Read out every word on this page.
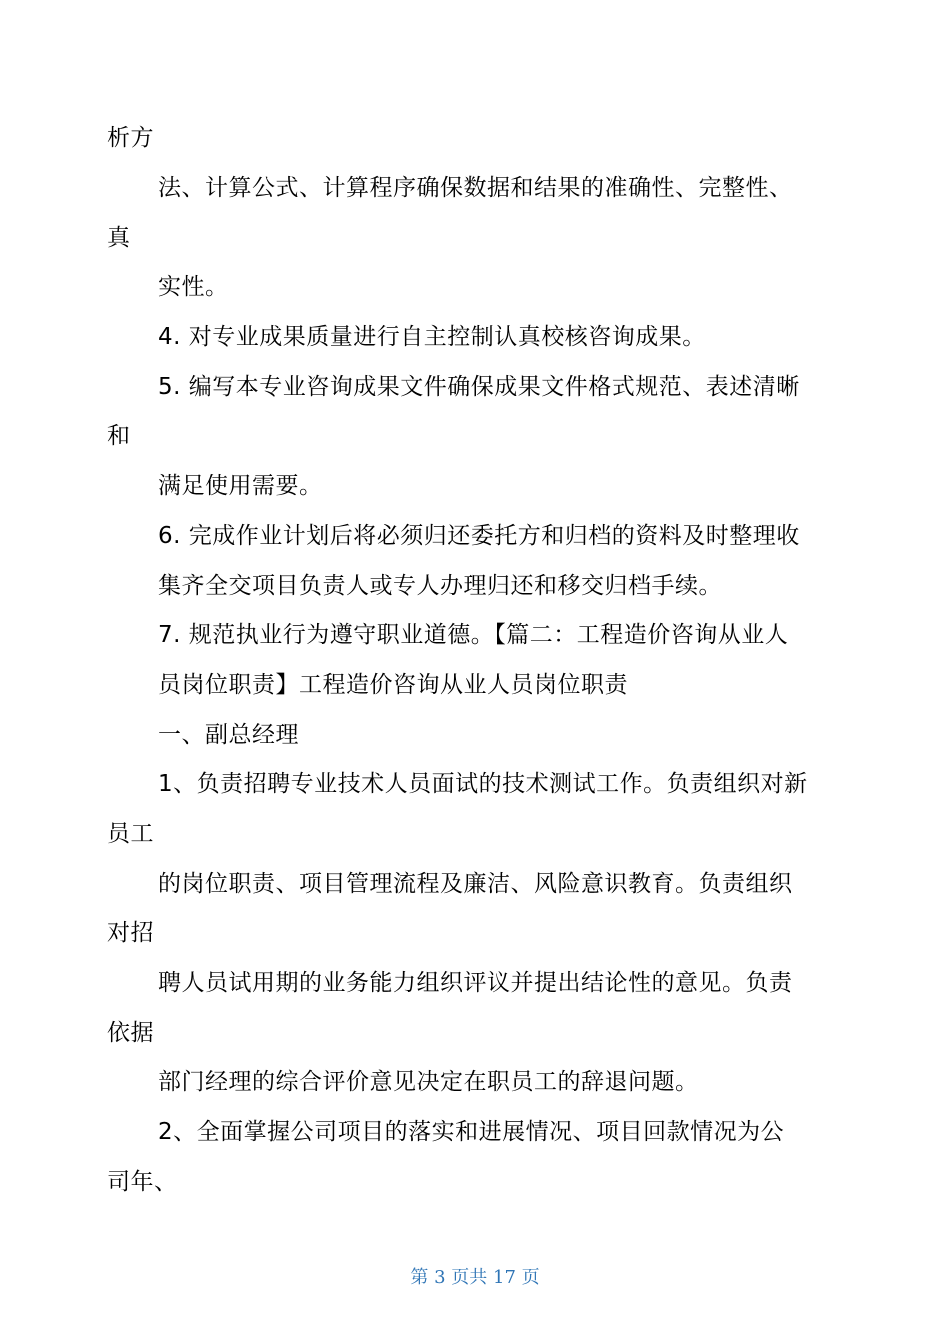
析方
法、计算公式、计算程序确保数据和结果的准确性、完整性、
真
实性。
4. 对专业成果质量进行自主控制认真校核咨询成果。
5. 编写本专业咨询成果文件确保成果文件格式规范、表述清晰
和
满足使用需要。
6. 完成作业计划后将必须归还委托方和归档的资料及时整理收
集齐全交项目负责人或专人办理归还和移交归档手续。
7. 规范执业行为遵守职业道德。【篇二：工程造价咨询从业人
员岗位职责】工程造价咨询从业人员岗位职责
一、副总经理
1、负责招聘专业技术人员面试的技术测试工作。负责组织对新
员工
的岗位职责、项目管理流程及廉洁、风险意识教育。负责组织
对招
聘人员试用期的业务能力组织评议并提出结论性的意见。负责
依据
部门经理的综合评价意见决定在职员工的辞退问题。
2、全面掌握公司项目的落实和进展情况、项目回款情况为公
司年、
第 3 页共 17 页
